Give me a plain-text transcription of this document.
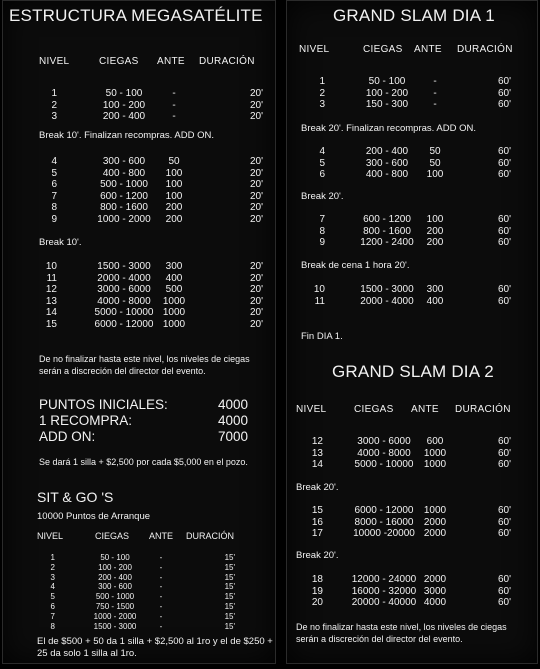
ESTRUCTURA MEGASATÉLITE
NIVEL	CIEGAS ANTE DURACIÓN
1	50 - 100	-	20'
2	100 - 200	-	20'
3	200 - 400	-	20'
Break 10'. Finalizan recompras. ADD ON.
4	300 - 600	50	20'
5	400 - 800	100	20'
6	500 - 1000	100	20'
7	600 - 1200	100	20'
8	800 - 1600	200	20'
9	1000 - 2000	200	20'
Break 10'.
10	1500 - 3000	300	20'
11	2000 - 4000	400	20'
12	3000 - 6000	500	20'
13	4000 - 8000	1000	20'
14	5000 - 10000 1000	20'
15	6000 - 12000 1000	20'
De no finalizar hasta este nivel, los niveles de ciegas serán a discreción del director del evento.
PUNTOS INICIALES:	4000
1 RECOMPRA:	4000
ADD ON:	7000
Se dará 1 silla + $2,500 por cada $5,000 en el pozo.
SIT & GO 'S
10000 Puntos de Arranque
NIVEL	CIEGAS ANTE DURACIÓN
1	50 - 100	-	15'
2	100 - 200	-	15'
3	200 - 400	-	15'
4	300 - 600	-	15'
5	500 - 1000	-	15'
6	750 - 1500	-	15'
7	1000 - 2000	-	15'
8	1500 - 3000	-	15'
El de $500 + 50 da 1 silla + $2,500 al 1ro y el de $250 + 25 da solo 1 silla al 1ro.
GRAND SLAM DIA 1
NIVEL	CIEGAS ANTE DURACIÓN
1	50 - 100	-	60'
2	100 - 200	-	60'
3	150 - 300	-	60'
Break 20'. Finalizan recompras. ADD ON.
4	200 - 400	50	60'
5	300 - 600	50	60'
6	400 - 800	100	60'
Break 20'.
7	600 - 1200	100	60'
8	800 - 1600	200	60'
9	1200 - 2400	200	60'
Break de cena 1 hora 20'.
10	1500 - 3000	300	60'
11	2000 - 4000	400	60'
Fin DIA 1.
GRAND SLAM DIA 2
NIVEL	CIEGAS ANTE DURACIÓN
12	3000 - 6000	600	60'
13	4000 - 8000	1000	60'
14	5000 - 10000	1000	60'
Break 20'.
15	6000 - 12000	1000	60'
16	8000 - 16000	2000	60'
17	10000 -20000 2000	60'
Break 20'.
18	12000 - 24000 2000	60'
19	16000 - 32000 3000	60'
20	20000 - 40000 4000	60'
De no finalizar hasta este nivel, los niveles de ciegas serán a discreción del director del evento.
